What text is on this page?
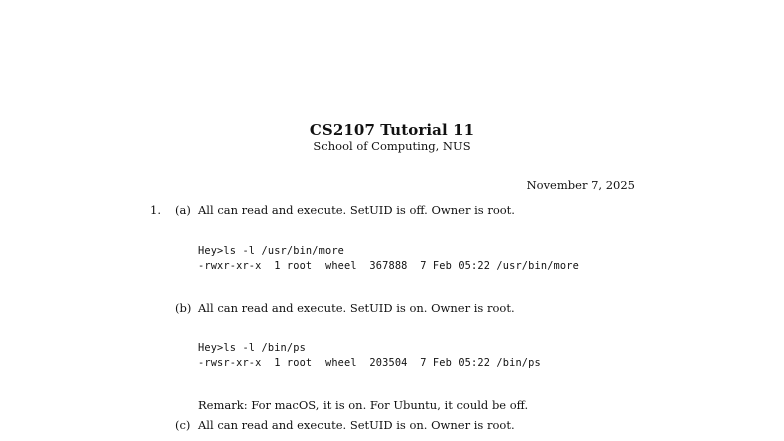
CS2107 Tutorial 11
School of Computing, NUS
November 7, 2025
1. (a) All can read and execute. SetUID is off. Owner is root.
Hey>ls -l /usr/bin/more
-rwxr-xr-x  1 root  wheel  367888  7 Feb 05:22 /usr/bin/more
(b) All can read and execute. SetUID is on. Owner is root.
Hey>ls -l /bin/ps
-rwsr-xr-x  1 root  wheel  203504  7 Feb 05:22 /bin/ps
Remark: For macOS, it is on. For Ubuntu, it could be off.
(c) All can read and execute. SetUID is on. Owner is root.
